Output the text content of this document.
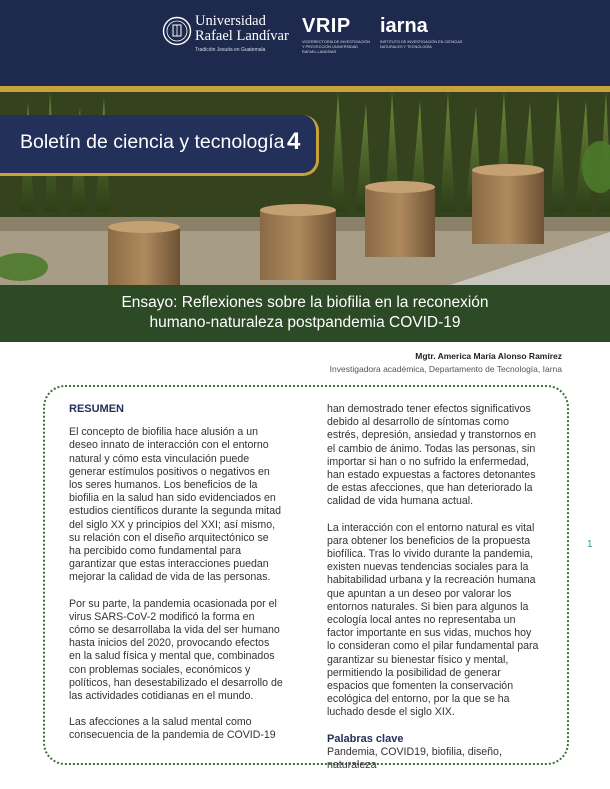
Universidad
Rafael Landívar
Tradición Jesuita en Guatemala
VRIP
VICERRECTORÍA DE INVESTIGACIÓN Y PROYECCIÓN UNIVERSIDAD RAFAEL LANDÍVAR
iarna
INSTITUTO DE INVESTIGACIÓN EN CIENCIAS NATURALES Y TECNOLOGÍA
Boletín de ciencia y tecnología 4
Ensayo: Reflexiones sobre la biofilia en la reconexión
humano-naturaleza postpandemia COVID-19
Mgtr. America María Alonso Ramírez
Investigadora académica, Departamento de Tecnología, Iarna
RESUMEN

El concepto de biofilia hace alusión a un deseo innato de interacción con el entorno natural y cómo esta vinculación puede generar estímulos positivos o negativos en los seres humanos. Los beneficios de la biofilia en la salud han sido evidenciados en estudios científicos durante la segunda mitad del siglo XX y principios del XXI; así mismo, su relación con el diseño arquitectónico se ha percibido como fundamental para garantizar que estas interacciones puedan mejorar la calidad de vida de las personas.

Por su parte, la pandemia ocasionada por el virus SARS-CoV-2 modificó la forma en cómo se desarrollaba la vida del ser humano hasta inicios del 2020, provocando efectos en la salud física y mental que, combinados con problemas sociales, económicos y políticos, han desestabilizado el desarrollo de las actividades cotidianas en el mundo.

Las afecciones a la salud mental como consecuencia de la pandemia de COVID-19

han demostrado tener efectos significativos debido al desarrollo de síntomas como estrés, depresión, ansiedad y transtornos en el cambio de ánimo. Todas las personas, sin importar si han o no sufrido la enfermedad, han estado expuestas a factores detonantes de estas afecciones, que han deteriorado la calidad de vida humana actual.

La interacción con el entorno natural es vital para obtener los beneficios de la propuesta biofílica. Tras lo vivido durante la pandemia, existen nuevas tendencias sociales para la habitabilidad urbana y la recreación humana que apuntan a un deseo por valorar los entornos naturales. Si bien para algunos la ecología local antes no representaba un factor importante en sus vidas, muchos hoy lo consideran como el pilar fundamental para garantizar su bienestar físico y mental, permitiendo la posibilidad de generar espacios que fomenten la conservación ecológica del entorno, por la que se ha luchado desde el siglo XIX.

Palabras clave
Pandemia, COVID19, biofilia, diseño, naturaleza
1
